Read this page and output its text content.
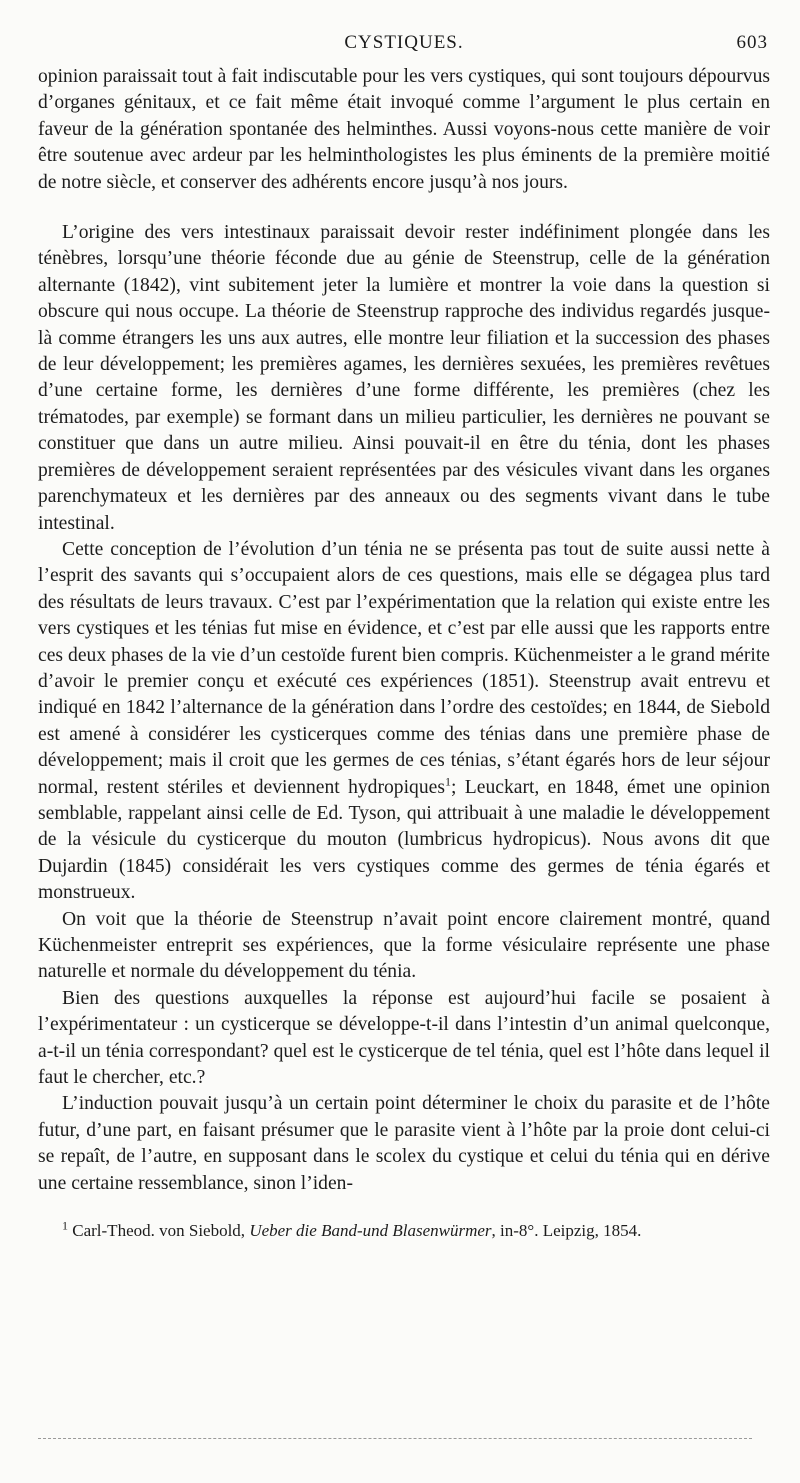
CYSTIQUES.	603

opinion paraissait tout à fait indiscutable pour les vers cystiques, qui sont toujours dépourvus d’organes génitaux, et ce fait même était invoqué comme l’argument le plus certain en faveur de la génération spontanée des helminthes. Aussi voyons-nous cette manière de voir être soutenue avec ardeur par les helminthologistes les plus éminents de la première moitié de notre siècle, et conserver des adhérents encore jusqu’à nos jours.

L’origine des vers intestinaux paraissait devoir rester indéfiniment plongée dans les ténèbres, lorsqu’une théorie féconde due au génie de Steenstrup, celle de la génération alternante (1842), vint subitement jeter la lumière et montrer la voie dans la question si obscure qui nous occupe. La théorie de Steenstrup rapproche des individus regardés jusque-là comme étrangers les uns aux autres, elle montre leur filiation et la succession des phases de leur développement; les premières agames, les dernières sexuées, les premières revêtues d’une certaine forme, les dernières d’une forme différente, les premières (chez les trématodes, par exemple) se formant dans un milieu particulier, les dernières ne pouvant se constituer que dans un autre milieu. Ainsi pouvait-il en être du ténia, dont les phases premières de développement seraient représentées par des vésicules vivant dans les organes parenchymateux et les dernières par des anneaux ou des segments vivant dans le tube intestinal.

Cette conception de l’évolution d’un ténia ne se présenta pas tout de suite aussi nette à l’esprit des savants qui s’occupaient alors de ces questions, mais elle se dégagea plus tard des résultats de leurs travaux. C’est par l’expérimentation que la relation qui existe entre les vers cystiques et les ténias fut mise en évidence, et c’est par elle aussi que les rapports entre ces deux phases de la vie d’un cestoïde furent bien compris. Küchenmeister a le grand mérite d’avoir le premier conçu et exécuté ces expériences (1851). Steenstrup avait entrevu et indiqué en 1842 l’alternance de la génération dans l’ordre des cestoïdes; en 1844, de Siebold est amené à considérer les cysticerques comme des ténias dans une première phase de développement; mais il croit que les germes de ces ténias, s’étant égarés hors de leur séjour normal, restent stériles et deviennent hydropiques$^1$; Leuckart, en 1848, émet une opinion semblable, rappelant ainsi celle de Ed. Tyson, qui attribuait à une maladie le développement de la vésicule du cysticerque du mouton (lumbricus hydropicus). Nous avons dit que Dujardin (1845) considérait les vers cystiques comme des germes de ténia égarés et monstrueux.

On voit que la théorie de Steenstrup n’avait point encore clairement montré, quand Küchenmeister entreprit ses expériences, que la forme vésiculaire représente une phase naturelle et normale du développement du ténia.

Bien des questions auxquelles la réponse est aujourd’hui facile se posaient à l’expérimentateur : un cysticerque se développe-t-il dans l’intestin d’un animal quelconque, a-t-il un ténia correspondant? quel est le cysticerque de tel ténia, quel est l’hôte dans lequel il faut le chercher, etc.?

L’induction pouvait jusqu’à un certain point déterminer le choix du parasite et de l’hôte futur, d’une part, en faisant présumer que le parasite vient à l’hôte par la proie dont celui-ci se repaît, de l’autre, en supposant dans le scolex du cystique et celui du ténia qui en dérive une certaine ressemblance, sinon l’iden-

$^1$ Carl-Theod. von Siebold, Ueber die Band-und Blasenwürmer, in-8°. Leipzig, 1854.
